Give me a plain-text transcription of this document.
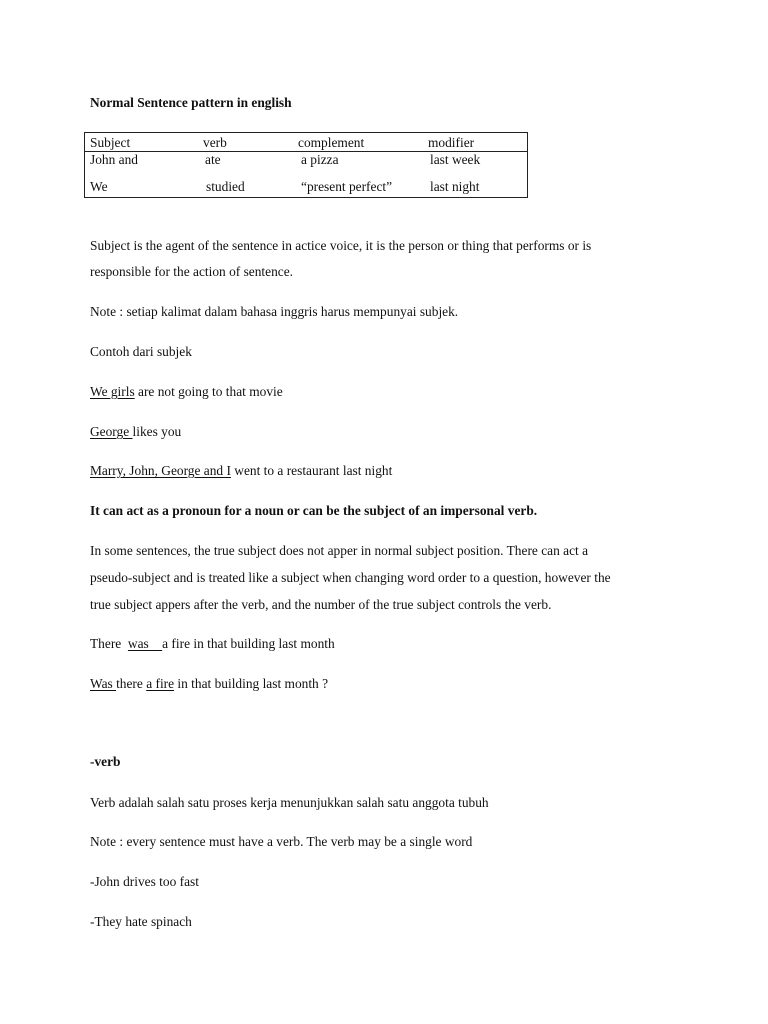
Normal Sentence pattern in english
Subject	verb	complement	modifier
John and	ate	a pizza	last week
We	studied	“present perfect”	last night
Subject is the agent of the sentence in actice voice, it is the person or thing that performs or is
responsible for the action of sentence.
Note : setiap kalimat dalam bahasa inggris harus mempunyai subjek.
Contoh dari subjek
We girls are not going to that movie
George likes you
Marry, John, George and I went to a restaurant last night
It can act as a pronoun for a noun or can be the subject of an impersonal verb.
In some sentences, the true subject does not apper in normal subject position. There can act a
pseudo-subject and is treated like a subject when changing word order to a question, however the
true subject appers after the verb, and the number of the true subject controls the verb.
There  was    a fire in that building last month
Was there a fire in that building last month ?
-verb
Verb adalah salah satu proses kerja menunjukkan salah satu anggota tubuh
Note : every sentence must have a verb. The verb may be a single word
-John drives too fast
-They hate spinach
